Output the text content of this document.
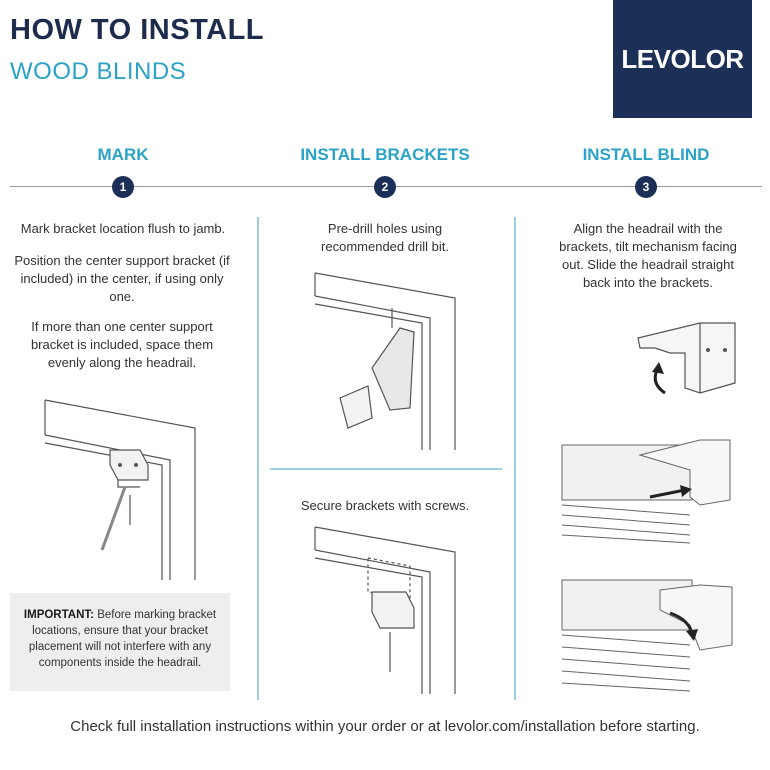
HOW TO INSTALL
WOOD BLINDS	LEVOLOR
MARK	INSTALL BRACKETS	INSTALL BLIND
1	2	3
Mark bracket location flush to jamb.
Position the center support bracket (if included) in the center, if using only one.
If more than one center support bracket is included, space them evenly along the headrail.
IMPORTANT: Before marking bracket locations, ensure that your bracket placement will not interfere with any components inside the headrail.
Pre-drill holes using recommended drill bit.
Secure brackets with screws.
Align the headrail with the brackets, tilt mechanism facing out. Slide the headrail straight back into the brackets.
Check full installation instructions within your order or at levolor.com/installation before starting.
